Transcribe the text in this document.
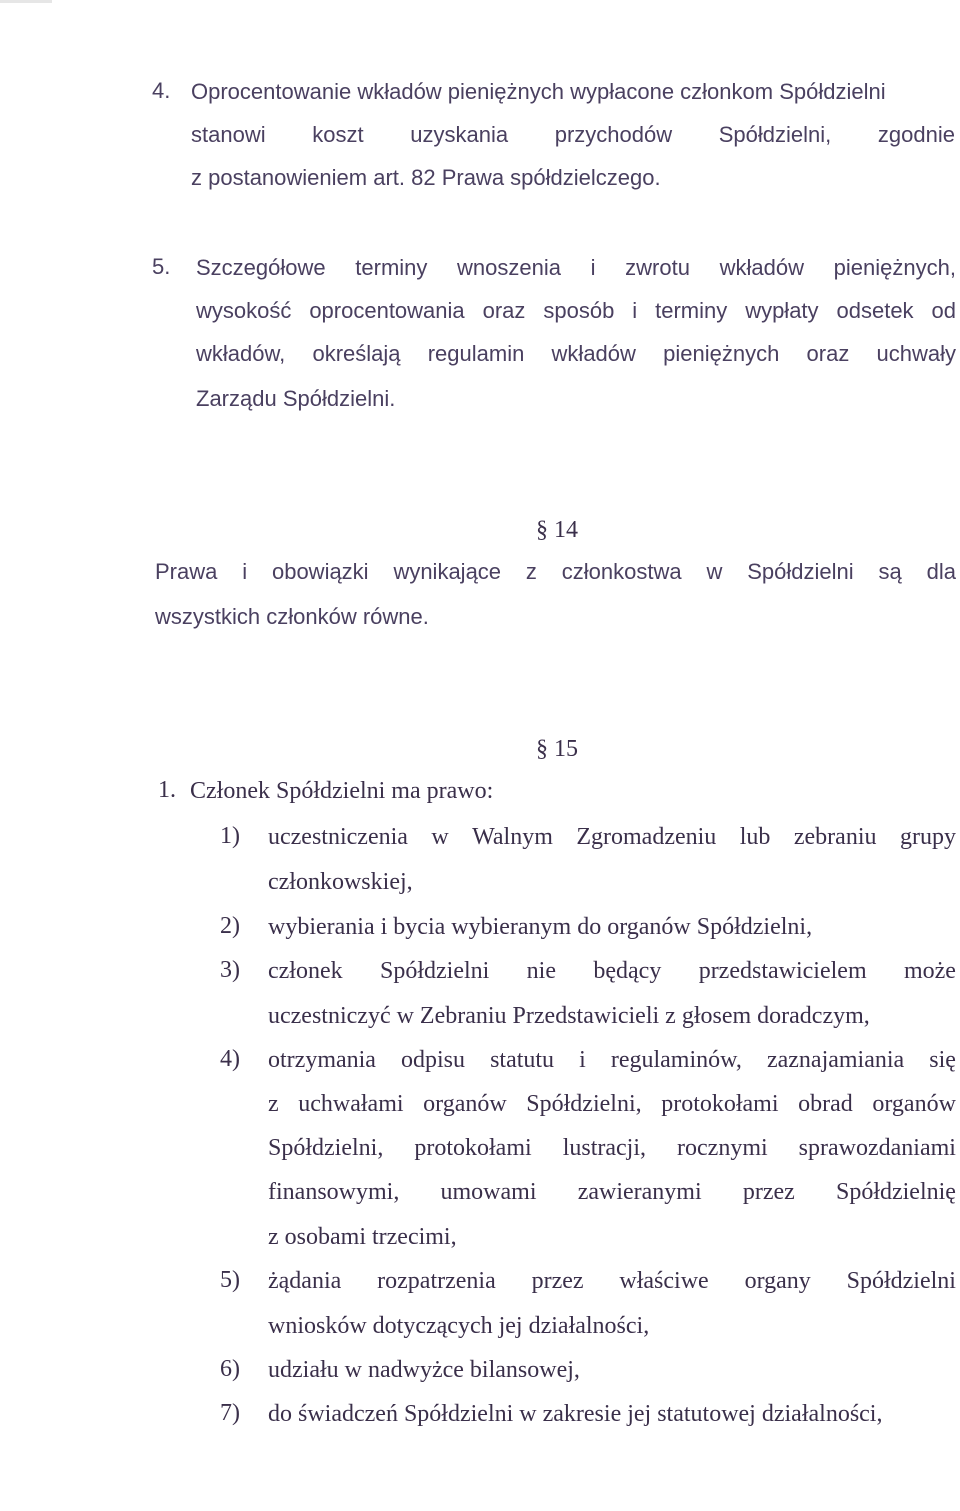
4. Oprocentowanie wkładów pieniężnych wypłacone członkom Spółdzielni
stanowi koszt uzyskania przychodów Spółdzielni, zgodnie
z postanowieniem art. 82 Prawa spółdzielczego.
5. Szczegółowe terminy wnoszenia i zwrotu wkładów pieniężnych,
wysokość oprocentowania oraz sposób i terminy wypłaty odsetek od
wkładów, określają regulamin wkładów pieniężnych oraz uchwały
Zarządu Spółdzielni.
§ 14
Prawa i obowiązki wynikające z członkostwa w Spółdzielni są dla
wszystkich członków równe.
§ 15
1. Członek Spółdzielni ma prawo:
1) uczestniczenia w Walnym Zgromadzeniu lub zebraniu grupy
członkowskiej,
2) wybierania i bycia wybieranym do organów Spółdzielni,
3) członek Spółdzielni nie będący przedstawicielem może
uczestniczyć w Zebraniu Przedstawicieli z głosem doradczym,
4) otrzymania odpisu statutu i regulaminów, zaznajamiania się
z uchwałami organów Spółdzielni, protokołami obrad organów
Spółdzielni, protokołami lustracji, rocznymi sprawozdaniami
finansowymi, umowami zawieranymi przez Spółdzielnię
z osobami trzecimi,
5) żądania rozpatrzenia przez właściwe organy Spółdzielni
wniosków dotyczących jej działalności,
6) udziału w nadwyżce bilansowej,
7) do świadczeń Spółdzielni w zakresie jej statutowej działalności,
